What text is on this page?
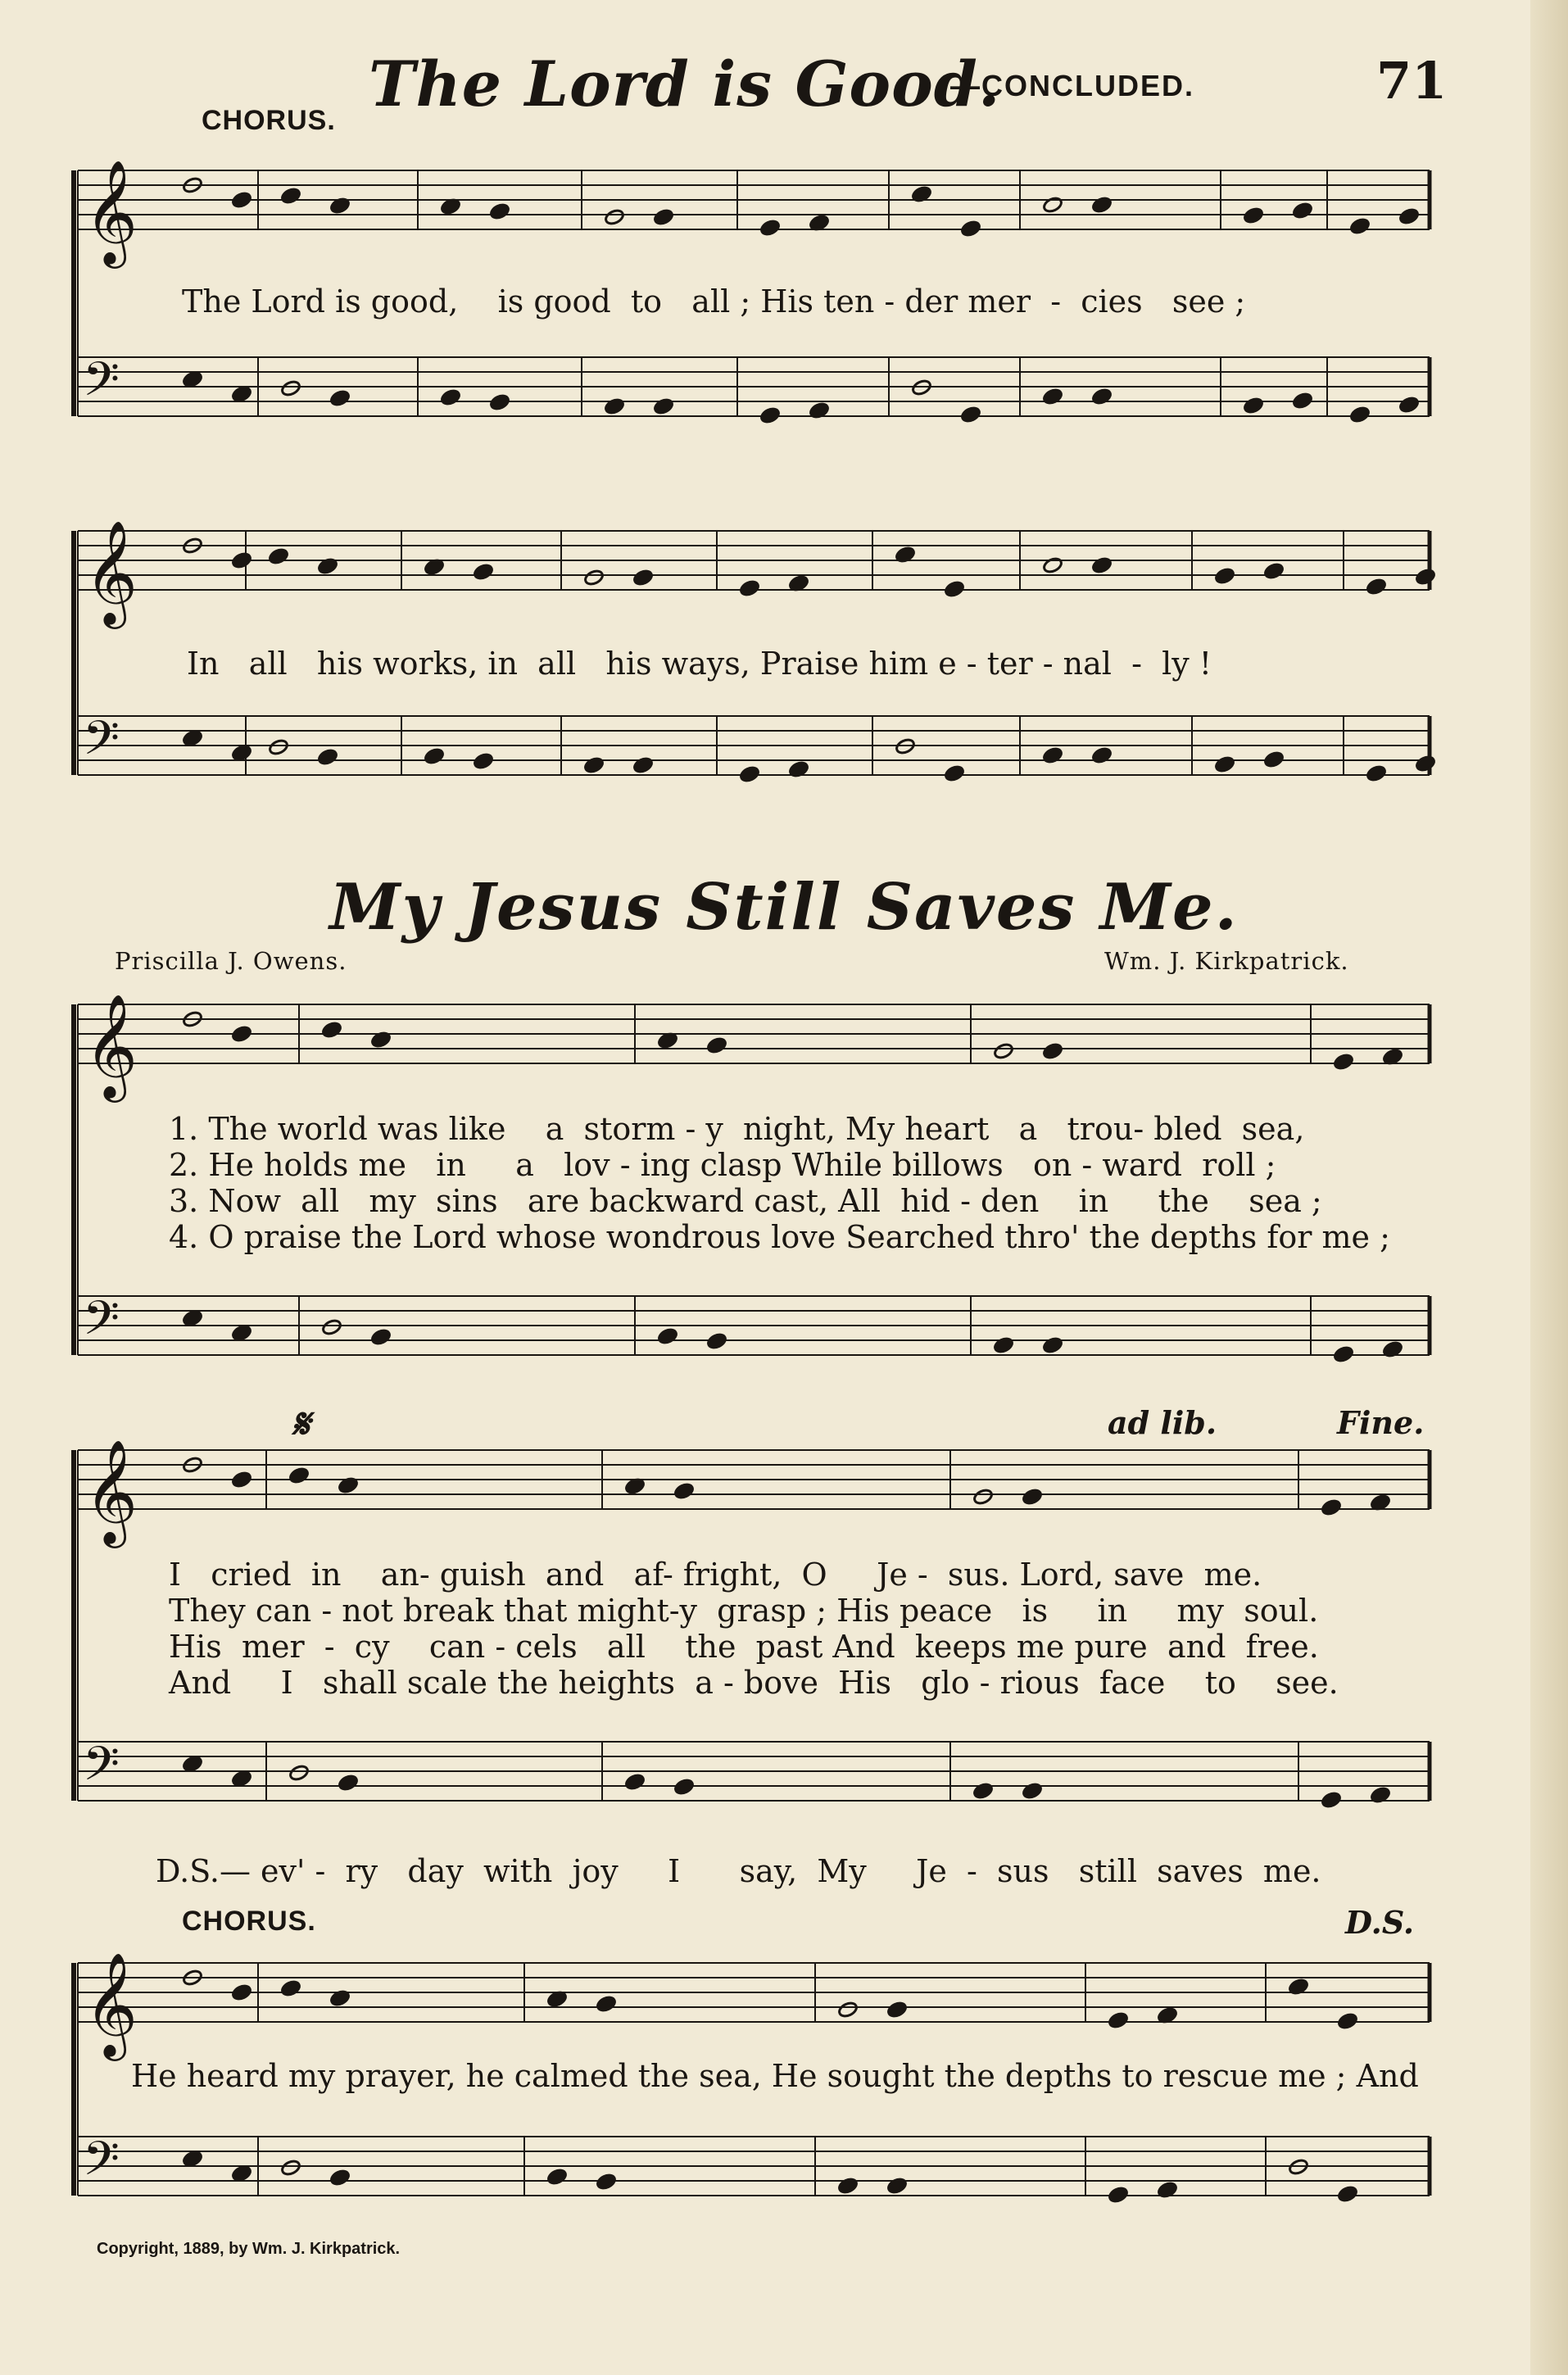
The Lord is Good.
—CONCLUDED.	71
𝄞
𝄢
𝄞
𝄢
𝄞
𝄢
𝄞
𝄢
𝄞
𝄢
CHORUS.
The Lord is good,    is good  to   all ; His ten - der mer  -  cies   see ;
In   all   his works, in  all   his ways, Praise him e - ter - nal  -  ly !
My Jesus Still Saves Me.
Priscilla J. Owens.	Wm. J. Kirkpatrick.
1. The world was like    a  storm - y  night, My heart   a   trou- bled  sea,
2. He holds me   in     a   lov - ing clasp While billows   on - ward  roll ;
3. Now  all   my  sins   are backward cast, All  hid - den    in     the    sea ;
4. O praise the Lord whose wondrous love Searched thro' the depths for me ;
𝄋	ad lib.	Fine.
I   cried  in    an- guish  and   af- fright,  O     Je -  sus. Lord, save  me.
They can - not break that might-y  grasp ; His peace   is     in     my  soul.
His  mer  -  cy    can - cels   all    the  past And  keeps me pure  and  free.
And     I   shall scale the heights  a - bove  His   glo - rious  face    to    see.
D.S.— ev' -  ry   day  with  joy     I      say,  My     Je  -  sus   still  saves  me.
CHORUS.	D.S.
He heard my prayer, he calmed the sea, He sought the depths to rescue me ; And
Copyright, 1889, by Wm. J. Kirkpatrick.
